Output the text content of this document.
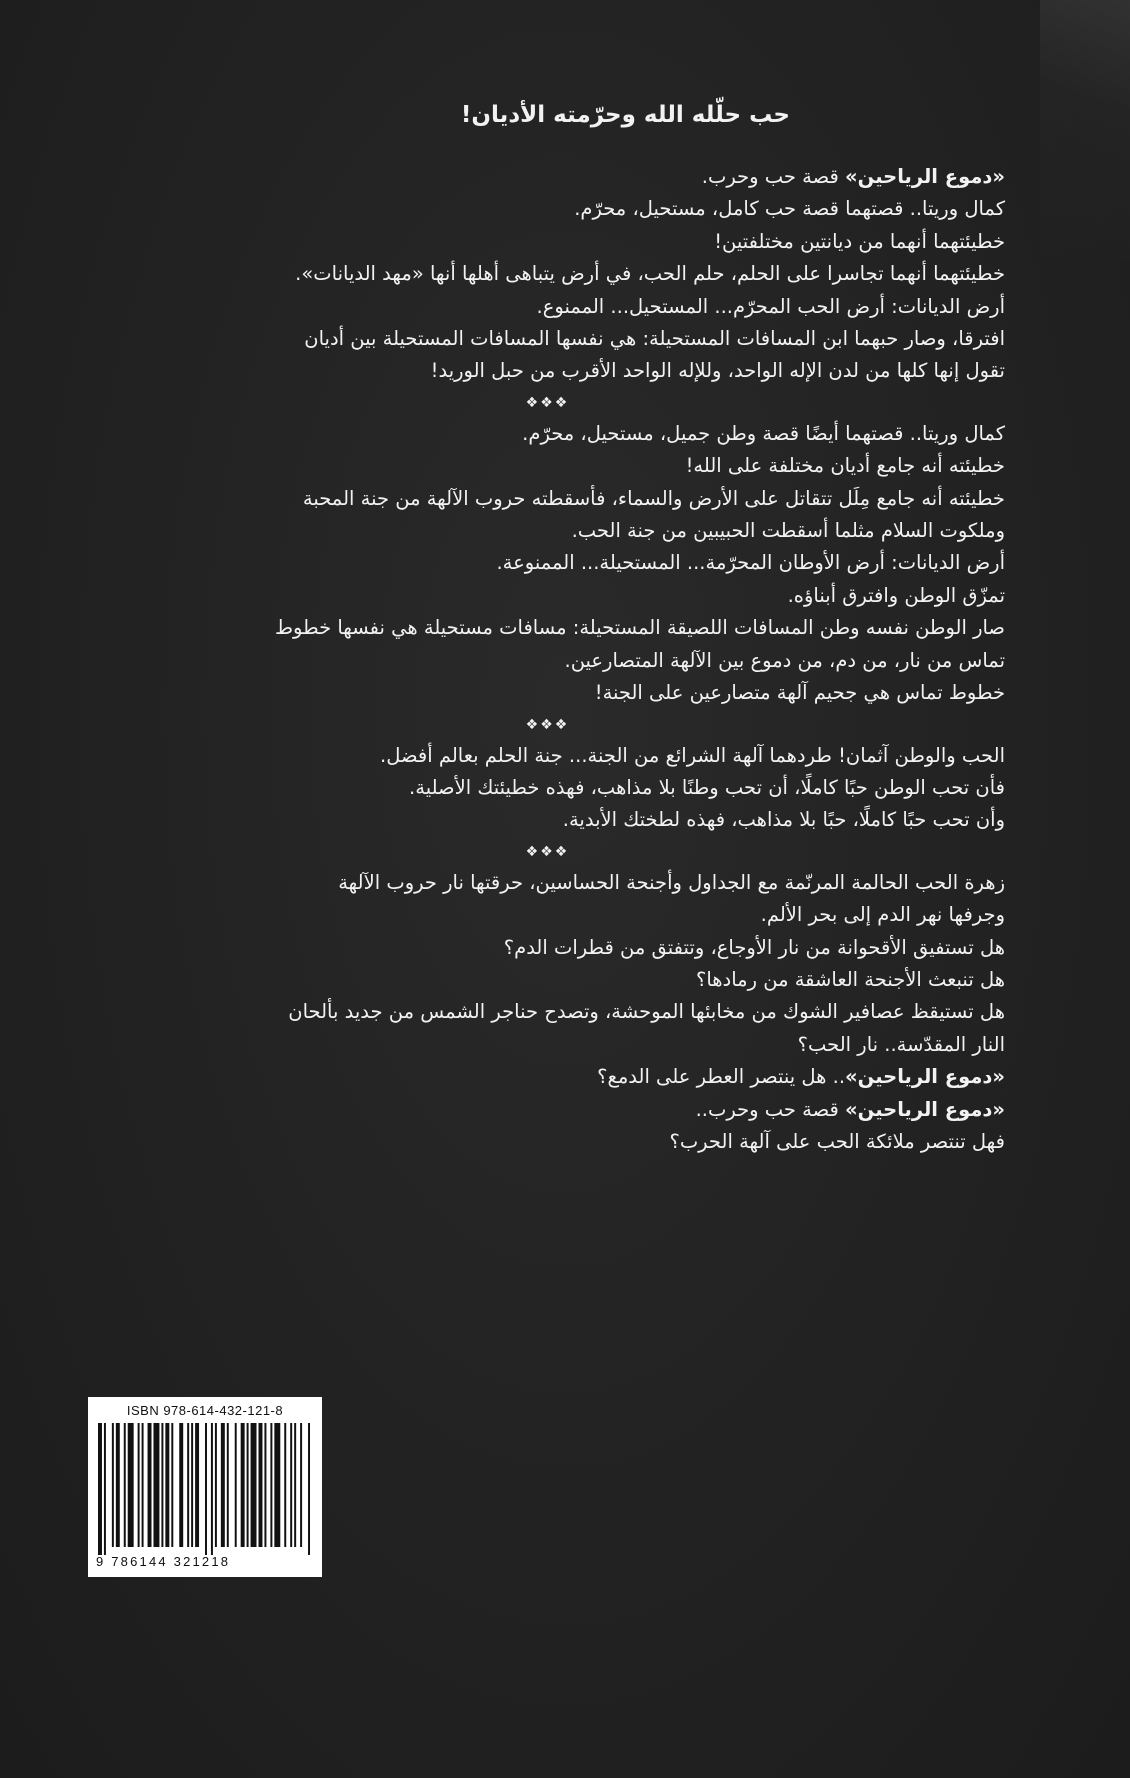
حب حلّله الله وحرّمته الأديان!
«دموع الرياحين» قصة حب وحرب.
كمال وريتا.. قصتهما قصة حب كامل، مستحيل، محرّم.
خطيئتهما أنهما من ديانتين مختلفتين!
خطيئتهما أنهما تجاسرا على الحلم، حلم الحب، في أرض يتباهى أهلها أنها «مهد الديانات».
أرض الديانات: أرض الحب المحرّم... المستحيل... الممنوع.
افترقا، وصار حبهما ابن المسافات المستحيلة: هي نفسها المسافات المستحيلة بين أديان
تقول إنها كلها من لدن الإله الواحد، وللإله الواحد الأقرب من حبل الوريد!
❖❖❖
كمال وريتا.. قصتهما أيضًا قصة وطن جميل، مستحيل، محرّم.
خطيئته أنه جامع أديان مختلفة على الله!
خطيئته أنه جامع مِلَل تتقاتل على الأرض والسماء، فأسقطته حروب الآلهة من جنة المحبة
وملكوت السلام مثلما أسقطت الحبيبين من جنة الحب.
أرض الديانات: أرض الأوطان المحرّمة... المستحيلة... الممنوعة.
تمزّق الوطن وافترق أبناؤه.
صار الوطن نفسه وطن المسافات اللصيقة المستحيلة: مسافات مستحيلة هي نفسها خطوط
تماس من نار، من دم، من دموع بين الآلهة المتصارعين.
خطوط تماس هي جحيم آلهة متصارعين على الجنة!
❖❖❖
الحب والوطن آثمان! طردهما آلهة الشرائع من الجنة... جنة الحلم بعالم أفضل.
فأن تحب الوطن حبًا كاملًا، أن تحب وطنًا بلا مذاهب، فهذه خطيئتك الأصلية.
وأن تحب حبًا كاملًا، حبًا بلا مذاهب، فهذه لطختك الأبدية.
❖❖❖
زهرة الحب الحالمة المرنّمة مع الجداول وأجنحة الحساسين، حرقتها نار حروب الآلهة
وجرفها نهر الدم إلى بحر الألم.
هل تستفيق الأقحوانة من نار الأوجاع، وتتفتق من قطرات الدم؟
هل تنبعث الأجنحة العاشقة من رمادها؟
هل تستيقظ عصافير الشوك من مخابئها الموحشة، وتصدح حناجر الشمس من جديد بألحان
النار المقدّسة.. نار الحب؟
«دموع الرياحين».. هل ينتصر العطر على الدمع؟
«دموع الرياحين» قصة حب وحرب..
فهل تنتصر ملائكة الحب على آلهة الحرب؟
ISBN 978-614-432-121-8
9 786144 321218
